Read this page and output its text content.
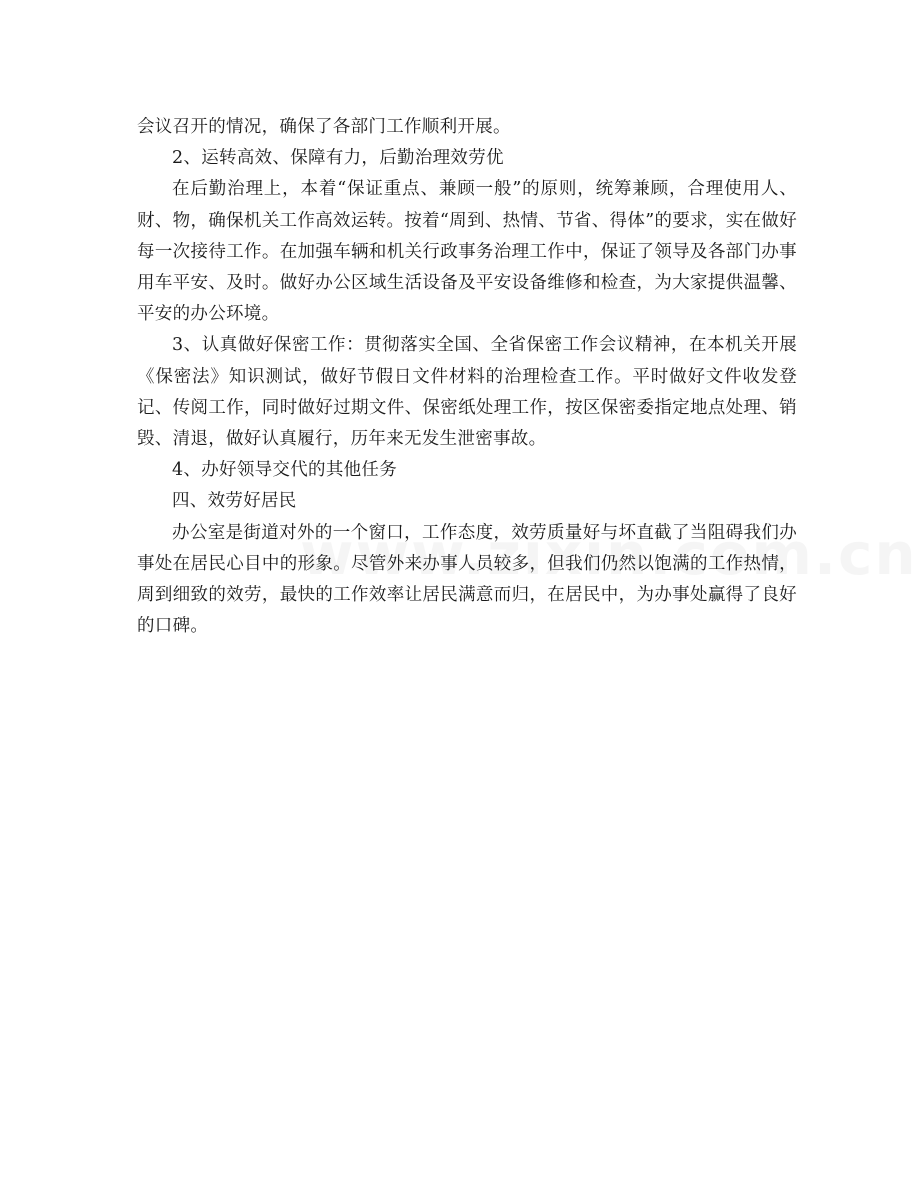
会议召开的情况，确保了各部门工作顺利开展。

2、运转高效、保障有力，后勤治理效劳优

在后勤治理上，本着“保证重点、兼顾一般”的原则，统筹兼顾，合理使用人、财、物，确保机关工作高效运转。按着“周到、热情、节省、得体”的要求，实在做好每一次接待工作。在加强车辆和机关行政事务治理工作中，保证了领导及各部门办事用车平安、及时。做好办公区域生活设备及平安设备维修和检查，为大家提供温馨、平安的办公环境。

3、认真做好保密工作：贯彻落实全国、全省保密工作会议精神，在本机关开展《保密法》知识测试，做好节假日文件材料的治理检查工作。平时做好文件收发登记、传阅工作，同时做好过期文件、保密纸处理工作，按区保密委指定地点处理、销毁、清退，做好认真履行，历年来无发生泄密事故。

4、办好领导交代的其他任务

四、效劳好居民

办公室是街道对外的一个窗口，工作态度，效劳质量好与坏直截了当阻碍我们办事处在居民心目中的形象。尽管外来办事人员较多，但我们仍然以饱满的工作热情，周到细致的效劳，最快的工作效率让居民满意而归，在居民中，为办事处赢得了良好的口碑。
